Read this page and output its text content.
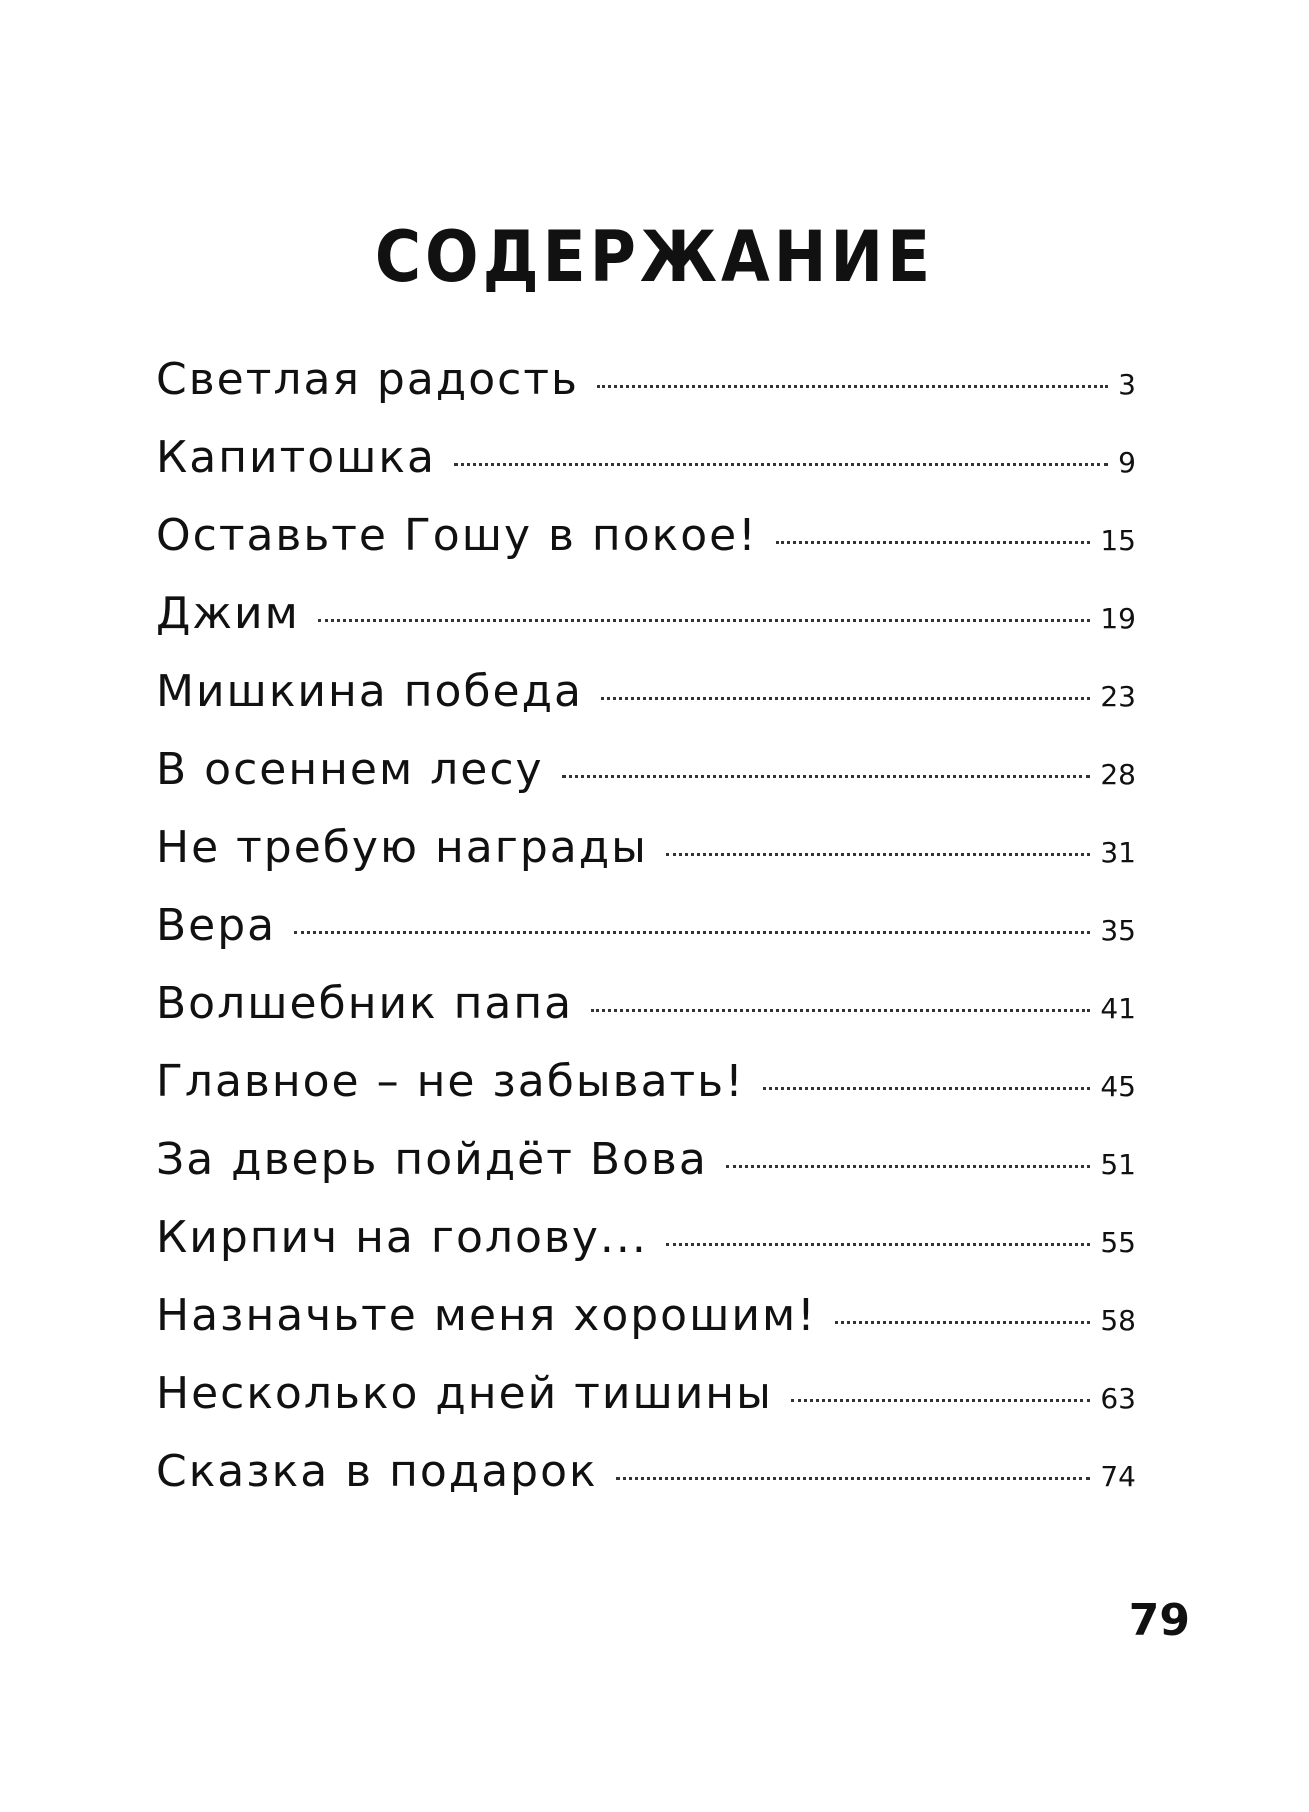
СОДЕРЖАНИЕ
Светлая радость	3
Капитошка	9
Оставьте Гошу в покое!	15
Джим	19
Мишкина победа	23
В осеннем лесу	28
Не требую награды	31
Вера	35
Волшебник папа	41
Главное – не забывать!	45
За дверь пойдёт Вова	51
Кирпич на голову...	55
Назначьте меня хорошим!	58
Несколько дней тишины	63
Сказка в подарок	74
79
